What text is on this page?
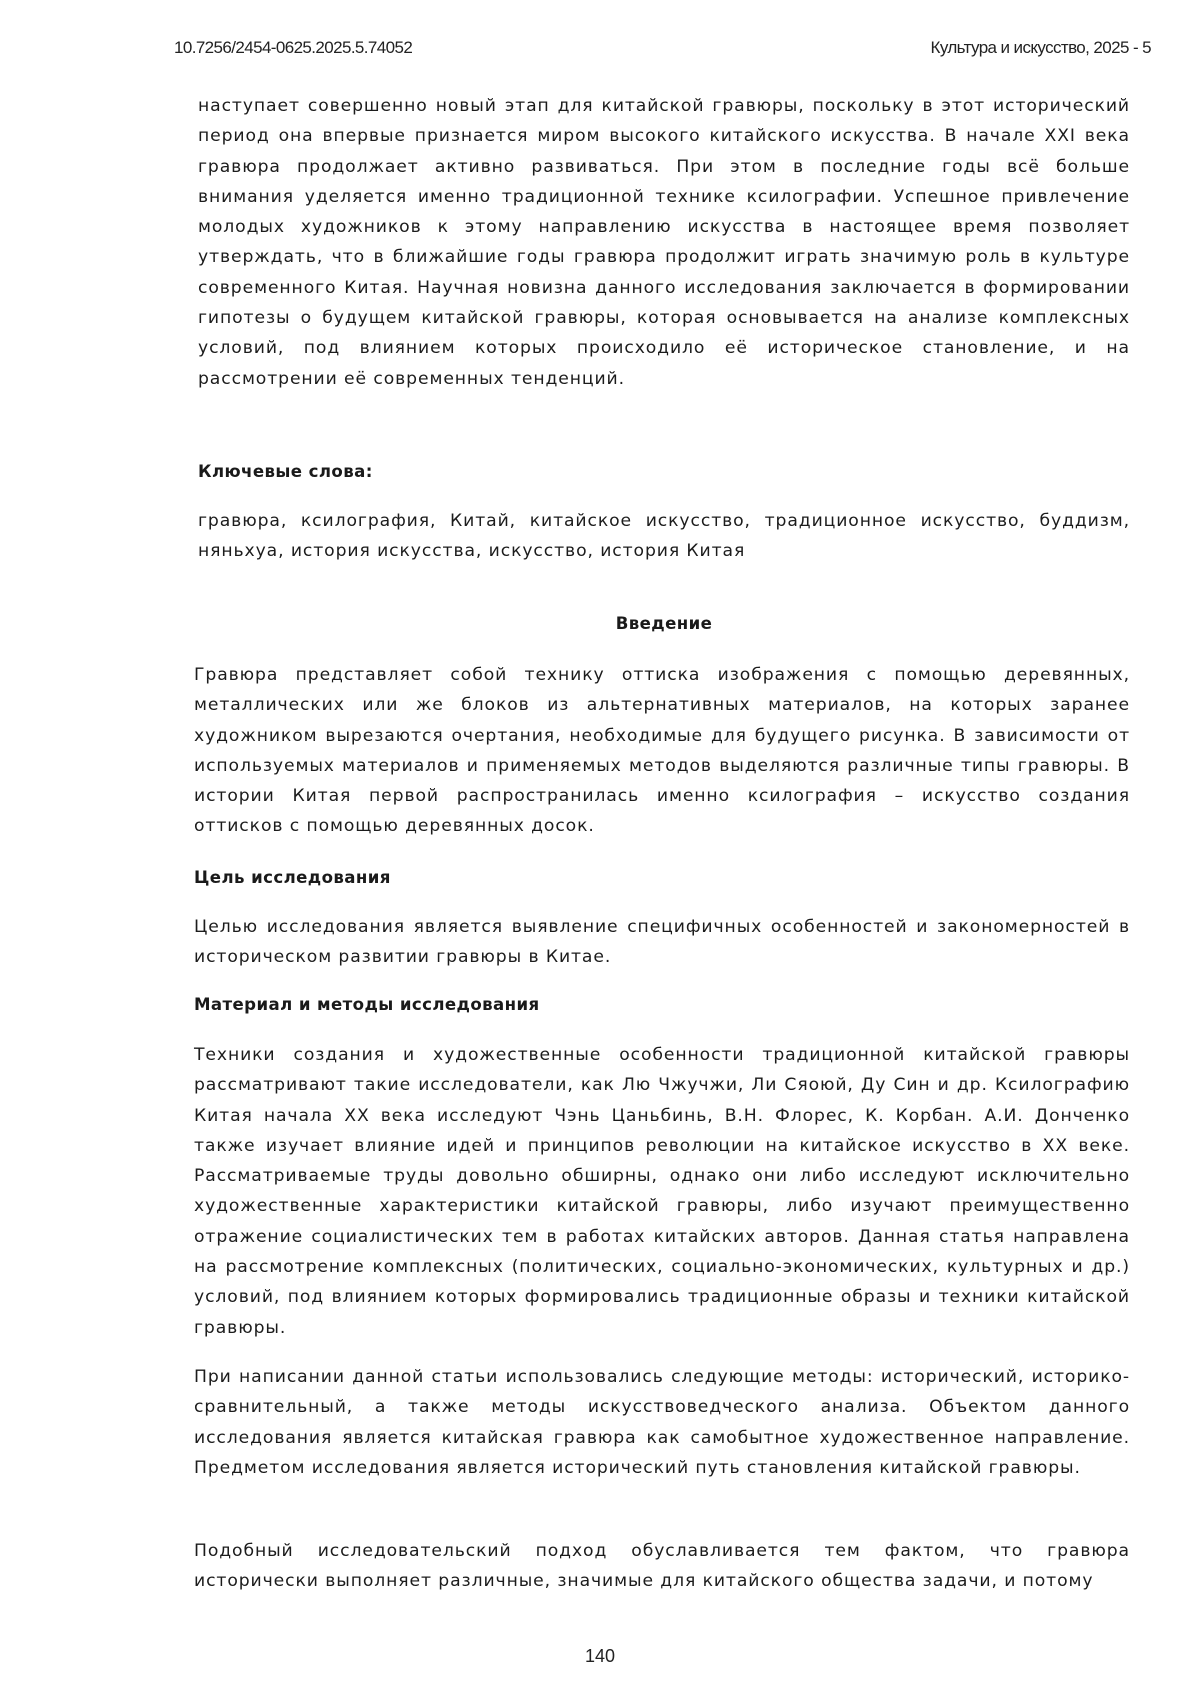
10.7256/2454-0625.2025.5.74052	Культура и искусство, 2025 - 5
наступает совершенно новый этап для китайской гравюры, поскольку в этот исторический период она впервые признается миром высокого китайского искусства. В начале XXI века гравюра продолжает активно развиваться. При этом в последние годы всё больше внимания уделяется именно традиционной технике ксилографии. Успешное привлечение молодых художников к этому направлению искусства в настоящее время позволяет утверждать, что в ближайшие годы гравюра продолжит играть значимую роль в культуре современного Китая. Научная новизна данного исследования заключается в формировании гипотезы о будущем китайской гравюры, которая основывается на анализе комплексных условий, под влиянием которых происходило её историческое становление, и на рассмотрении её современных тенденций.
Ключевые слова:
гравюра, ксилография, Китай, китайское искусство, традиционное искусство, буддизм, няньхуа, история искусства, искусство, история Китая
Введение
Гравюра представляет собой технику оттиска изображения с помощью деревянных, металлических или же блоков из альтернативных материалов, на которых заранее художником вырезаются очертания, необходимые для будущего рисунка. В зависимости от используемых материалов и применяемых методов выделяются различные типы гравюры. В истории Китая первой распространилась именно ксилография – искусство создания оттисков с помощью деревянных досок.
Цель исследования
Целью исследования является выявление специфичных особенностей и закономерностей в историческом развитии гравюры в Китае.
Материал и методы исследования
Техники создания и художественные особенности традиционной китайской гравюры рассматривают такие исследователи, как Лю Чжучжи, Ли Сяоюй, Ду Син и др. Ксилографию Китая начала XX века исследуют Чэнь Цаньбинь, В.Н. Флорес, К. Корбан. А.И. Донченко также изучает влияние идей и принципов революции на китайское искусство в XX веке. Рассматриваемые труды довольно обширны, однако они либо исследуют исключительно художественные характеристики китайской гравюры, либо изучают преимущественно отражение социалистических тем в работах китайских авторов. Данная статья направлена на рассмотрение комплексных (политических, социально-экономических, культурных и др.) условий, под влиянием которых формировались традиционные образы и техники китайской гравюры.
При написании данной статьи использовались следующие методы: исторический, историко-сравнительный, а также методы искусствоведческого анализа. Объектом данного исследования является китайская гравюра как самобытное художественное направление. Предметом исследования является исторический путь становления китайской гравюры.
Подобный исследовательский подход обуславливается тем фактом, что гравюра исторически выполняет различные, значимые для китайского общества задачи, и потому
140
